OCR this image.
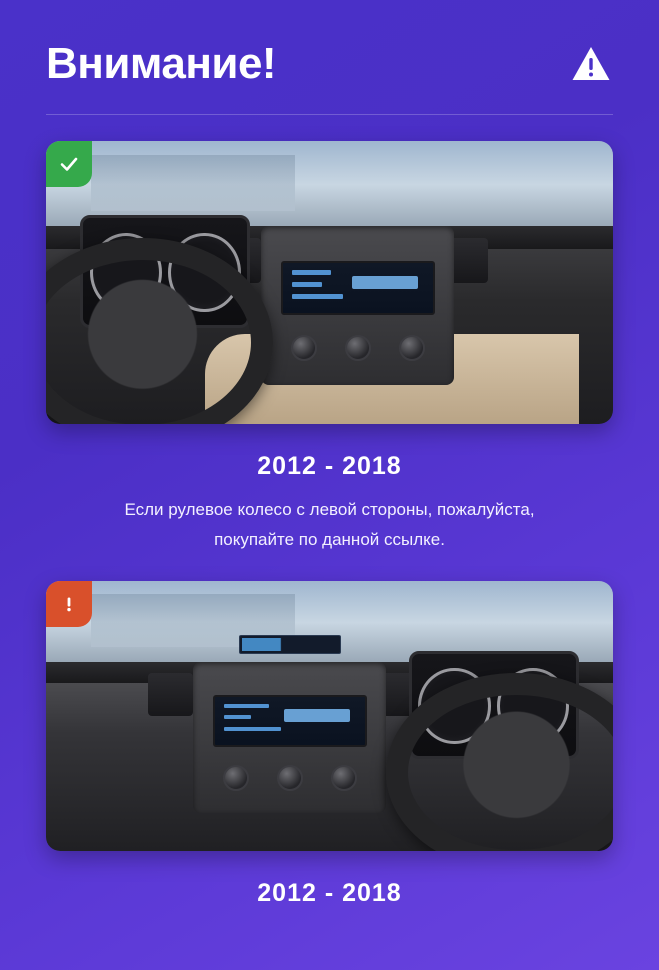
Внимание!
2012 - 2018
Если рулевое колесо с левой стороны, пожалуйста,
покупайте по данной ссылке.
2012 - 2018
